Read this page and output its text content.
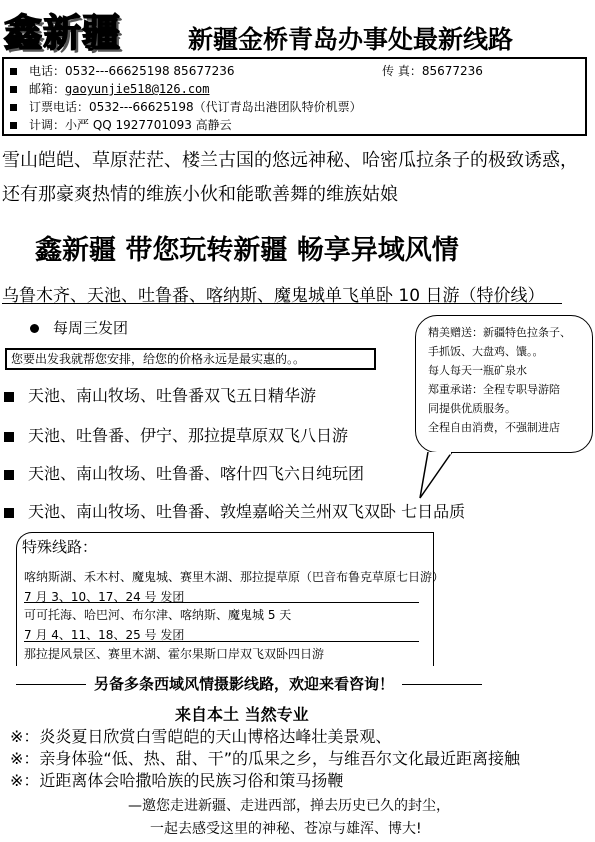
鑫新疆	新疆金桥青岛办事处最新线路
电话：0532---66625198 85677236	传 真：85677236
邮箱：gaoyunjie518@126.com
订票电话：0532---66625198（代订青岛出港团队特价机票）
计调：小严 QQ 1927701093 高静云
雪山皑皑、草原茫茫、楼兰古国的悠远神秘、哈密瓜拉条子的极致诱惑，
还有那豪爽热情的维族小伙和能歌善舞的维族姑娘
鑫新疆 带您玩转新疆 畅享异域风情
乌鲁木齐、天池、吐鲁番、喀纳斯、魔鬼城单飞单卧 10 日游（特价线）
每周三发团
您要出发我就帮您安排，给您的价格永远是最实惠的。。
天池、南山牧场、吐鲁番双飞五日精华游
天池、吐鲁番、伊宁、那拉提草原双飞八日游
天池、南山牧场、吐鲁番、喀什四飞六日纯玩团
天池、南山牧场、吐鲁番、敦煌嘉峪关兰州双飞双卧 七日品质
精美赠送：新疆特色拉条子、
手抓饭、大盘鸡、馕。。
每人每天一瓶矿泉水
郑重承诺：全程专职导游陪
同提供优质服务。
全程自由消费，不强制进店
特殊线路：
喀纳斯湖、禾木村、魔鬼城、赛里木湖、那拉提草原（巴音布鲁克草原七日游）
7 月 3、10、17、24 号 发团
可可托海、哈巴河、布尔津、喀纳斯、魔鬼城 5 天
7 月 4、11、18、25 号 发团
那拉提风景区、赛里木湖、霍尔果斯口岸双飞双卧四日游
另备多条西域风情摄影线路，欢迎来看咨询！
来自本土 当然专业
※：炎炎夏日欣赏白雪皑皑的天山博格达峰壮美景观、
※：亲身体验“低、热、甜、干”的瓜果之乡，与维吾尔文化最近距离接触
※：近距离体会哈撒哈族的民族习俗和策马扬鞭
—邀您走进新疆、走进西部，掸去历史已久的封尘，
一起去感受这里的神秘、苍凉与雄浑、博大!
